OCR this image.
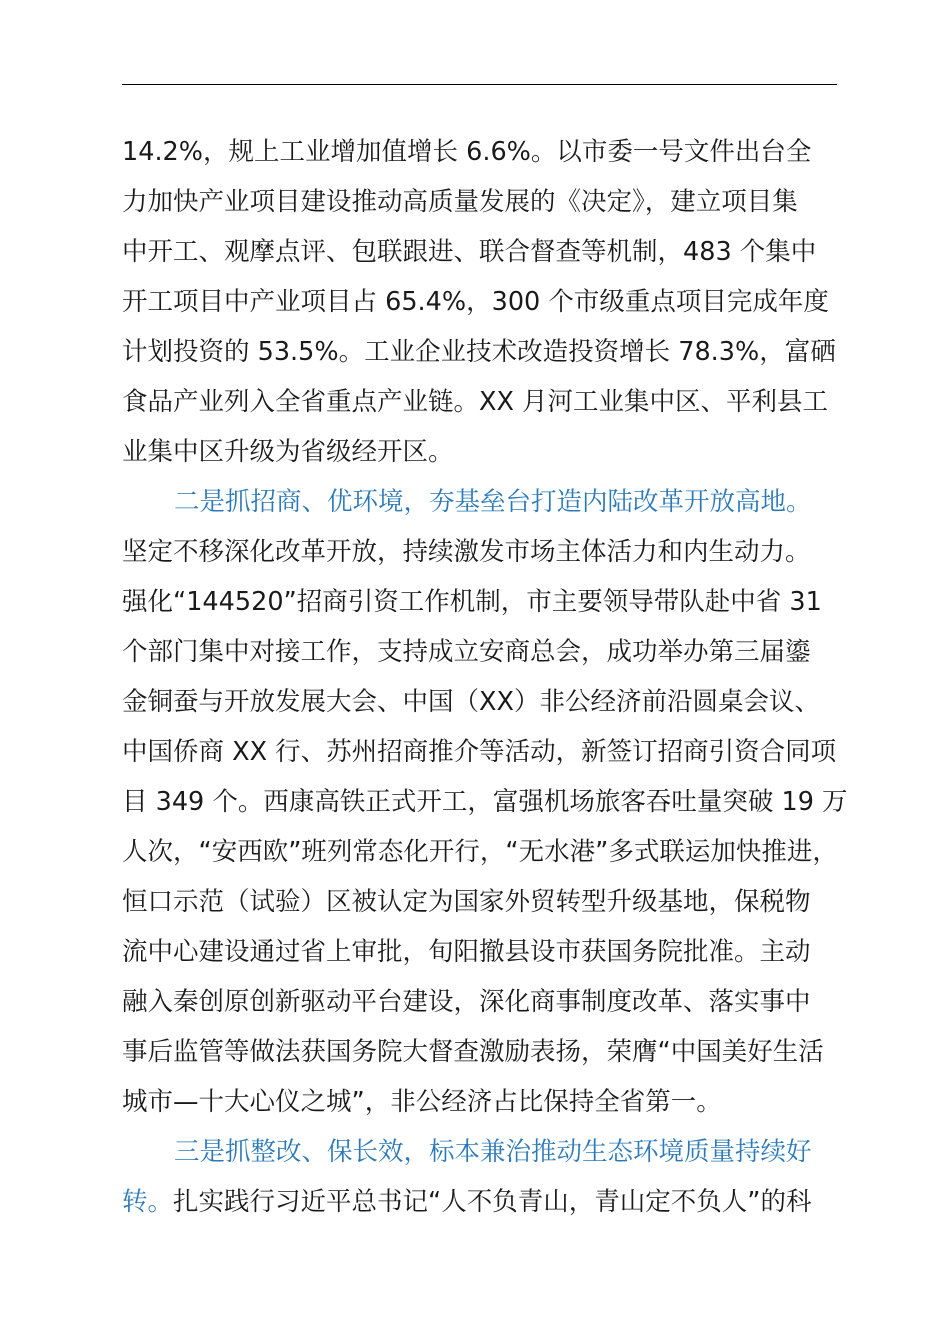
14.2%，规上工业增加值增长 6.6%。以市委一号文件出台全
力加快产业项目建设推动高质量发展的《决定》，建立项目集
中开工、观摩点评、包联跟进、联合督查等机制，483 个集中
开工项目中产业项目占 65.4%，300 个市级重点项目完成年度
计划投资的 53.5%。工业企业技术改造投资增长 78.3%，富硒
食品产业列入全省重点产业链。XX 月河工业集中区、平利县工
业集中区升级为省级经开区。
二是抓招商、优环境，夯基垒台打造内陆改革开放高地。
坚定不移深化改革开放，持续激发市场主体活力和内生动力。
强化“144520”招商引资工作机制，市主要领导带队赴中省 31
个部门集中对接工作，支持成立安商总会，成功举办第三届鎏
金铜蚕与开放发展大会、中国（XX）非公经济前沿圆桌会议、
中国侨商 XX 行、苏州招商推介等活动，新签订招商引资合同项
目 349 个。西康高铁正式开工，富强机场旅客吞吐量突破 19 万
人次，“安西欧”班列常态化开行，“无水港”多式联运加快推进，
恒口示范（试验）区被认定为国家外贸转型升级基地，保税物
流中心建设通过省上审批，旬阳撤县设市获国务院批准。主动
融入秦创原创新驱动平台建设，深化商事制度改革、落实事中
事后监管等做法获国务院大督查激励表扬，荣膺“中国美好生活
城市—十大心仪之城”，非公经济占比保持全省第一。
三是抓整改、保长效，标本兼治推动生态环境质量持续好
转。扎实践行习近平总书记“人不负青山，青山定不负人”的科
